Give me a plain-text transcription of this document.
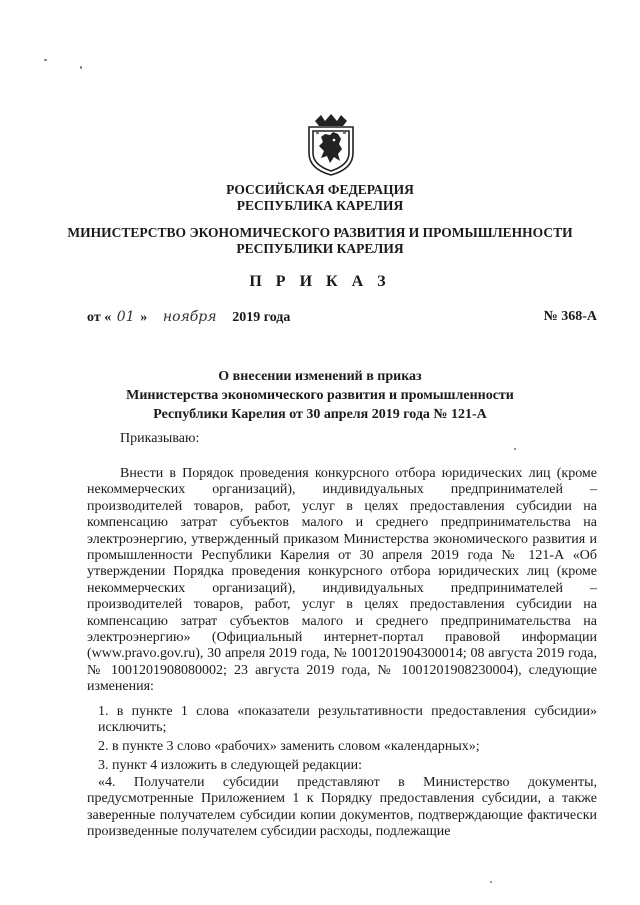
РОССИЙСКАЯ ФЕДЕРАЦИЯ
РЕСПУБЛИКА КАРЕЛИЯ
МИНИСТЕРСТВО ЭКОНОМИЧЕСКОГО РАЗВИТИЯ И ПРОМЫШЛЕННОСТИ
РЕСПУБЛИКИ КАРЕЛИЯ
П Р И К А З
от « 01 » ноября 2019 года	№ 368-А
О внесении изменений в приказ
Министерства экономического развития и промышленности
Республики Карелия от 30 апреля 2019 года № 121-А
Приказываю:
Внести в Порядок проведения конкурсного отбора юридических лиц (кроме некоммерческих организаций), индивидуальных предпринимателей – производителей товаров, работ, услуг в целях предоставления субсидии на компенсацию затрат субъектов малого и среднего предпринимательства на электроэнергию, утвержденный приказом Министерства экономического развития и промышленности Республики Карелия от 30 апреля 2019 года № 121-А «Об утверждении Порядка проведения конкурсного отбора юридических лиц (кроме некоммерческих организаций), индивидуальных предпринимателей – производителей товаров, работ, услуг в целях предоставления субсидии на компенсацию затрат субъектов малого и среднего предпринимательства на электроэнергию» (Официальный интернет-портал правовой информации (www.pravo.gov.ru), 30 апреля 2019 года, № 1001201904300014; 08 августа 2019 года, № 1001201908080002; 23 августа 2019 года, № 1001201908230004), следующие изменения:
1. в пункте 1 слова «показатели результативности предоставления субсидии» исключить;
2. в пункте 3 слово «рабочих» заменить словом «календарных»;
3. пункт 4 изложить в следующей редакции:
«4. Получатели субсидии представляют в Министерство документы, предусмотренные Приложением 1 к Порядку предоставления субсидии, а также заверенные получателем субсидии копии документов, подтверждающие фактически произведенные получателем субсидии расходы, подлежащие
